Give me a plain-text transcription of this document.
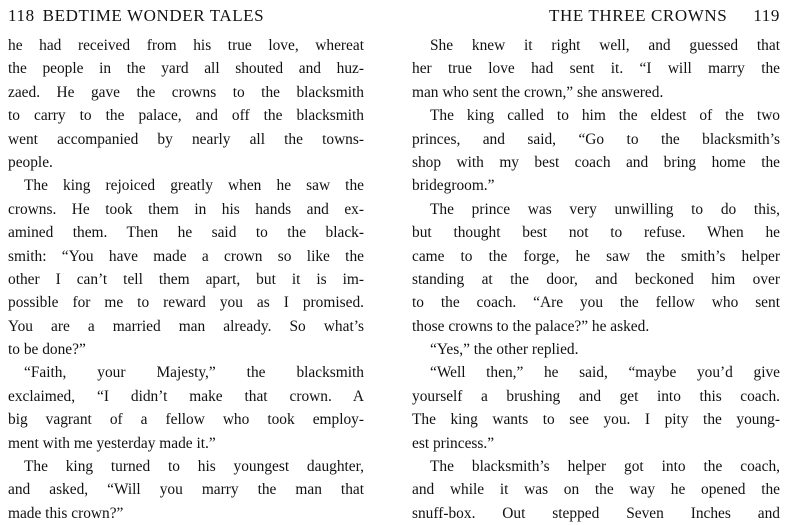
118 BEDTIME WONDER TALES
he had received from his true love, whereat
the people in the yard all shouted and huz-
zaed. He gave the crowns to the blacksmith
to carry to the palace, and off the blacksmith
went accompanied by nearly all the towns-
people.
The king rejoiced greatly when he saw the
crowns. He took them in his hands and ex-
amined them. Then he said to the black-
smith: “You have made a crown so like the
other I can’t tell them apart, but it is im-
possible for me to reward you as I promised.
You are a married man already. So what’s
to be done?”
“Faith, your Majesty,” the blacksmith
exclaimed, “I didn’t make that crown. A
big vagrant of a fellow who took employ-
ment with me yesterday made it.”
The king turned to his youngest daughter,
and asked, “Will you marry the man that
made this crown?”
THE THREE CROWNS 119
She knew it right well, and guessed that
her true love had sent it. “I will marry the
man who sent the crown,” she answered.
The king called to him the eldest of the two
princes, and said, “Go to the blacksmith’s
shop with my best coach and bring home the
bridegroom.”
The prince was very unwilling to do this,
but thought best not to refuse. When he
came to the forge, he saw the smith’s helper
standing at the door, and beckoned him over
to the coach. “Are you the fellow who sent
those crowns to the palace?” he asked.
“Yes,” the other replied.
“Well then,” he said, “maybe you’d give
yourself a brushing and get into this coach.
The king wants to see you. I pity the young-
est princess.”
The blacksmith’s helper got into the coach,
and while it was on the way he opened the
snuff-box. Out stepped Seven Inches and
